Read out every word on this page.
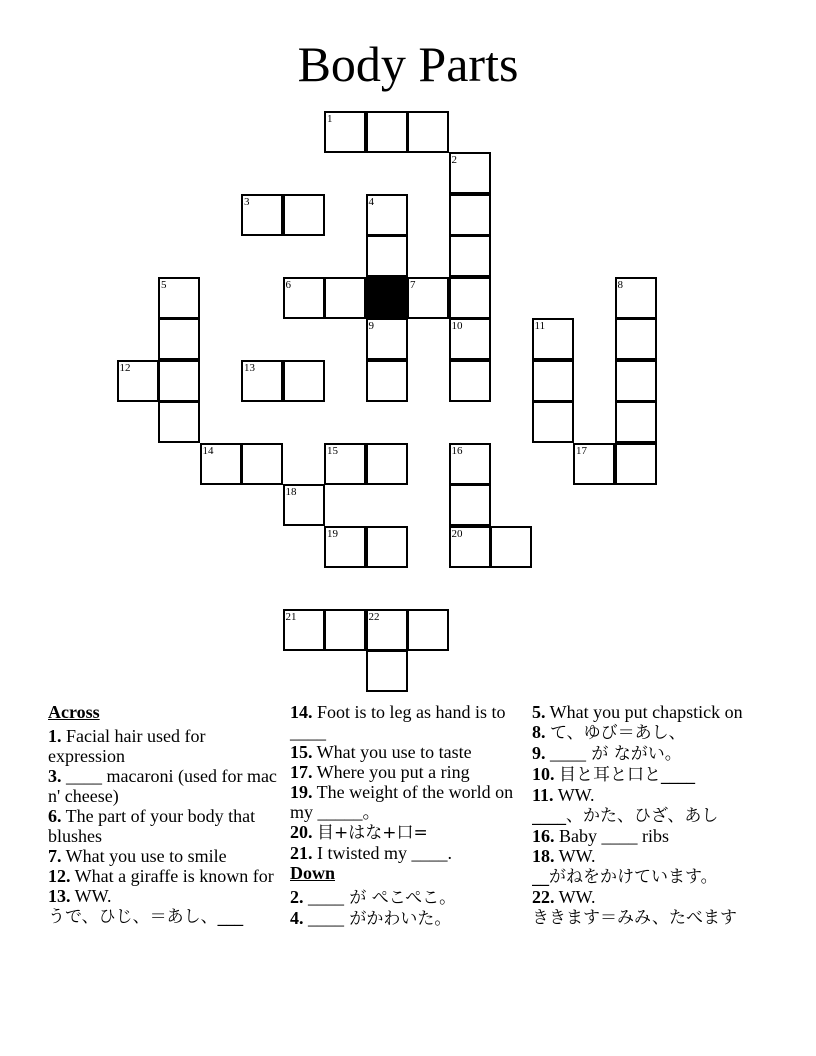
Body Parts
1
2
3	4
5	6	7	8
9	10	11
12	13
14	15	16	17
18
19	20
21	22
Across
1. Facial hair used for expression
3. ____ macaroni (used for mac n' cheese)
6. The part of your body that blushes
7. What you use to smile
12. What a giraffe is known for
13. WW.
うで、ひじ、＝あし、___
14. Foot is to leg as hand is to ____
15. What you use to taste
17. Where you put a ring
19. The weight of the world on my _____。
20. 目+はな+口=
21. I twisted my ____.
Down
2. ____ が ぺこぺこ。
4. ____ がかわいた。
5. What you put chapstick on
8. て、ゆび＝あし、
9. ____ が ながい。
10. 目と耳と口と____
11. WW.
____、かた、ひざ、あし
16. Baby ____ ribs
18. WW.
__がねをかけています。
22. WW.
ききます＝みみ、たべます
